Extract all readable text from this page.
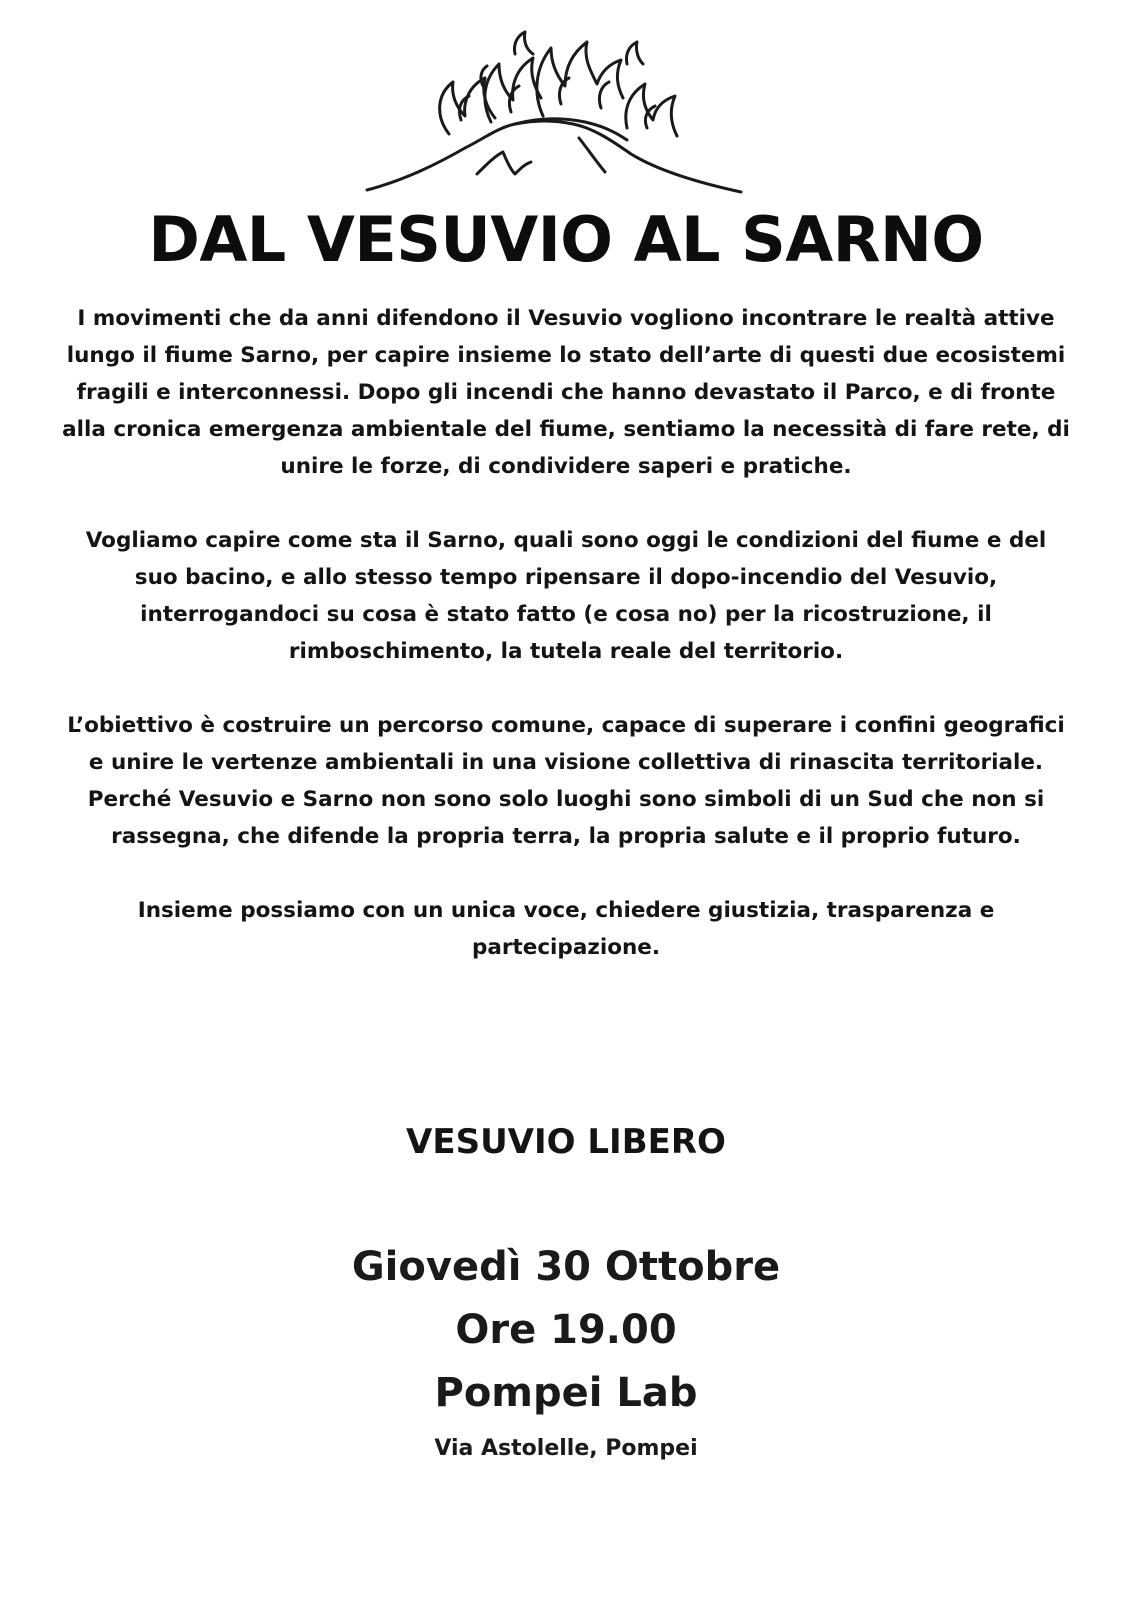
DAL VESUVIO AL SARNO

I movimenti che da anni difendono il Vesuvio vogliono incontrare le realtà attive lungo il fiume Sarno, per capire insieme lo stato dell’arte di questi due ecosistemi fragili e interconnessi. Dopo gli incendi che hanno devastato il Parco, e di fronte alla cronica emergenza ambientale del fiume, sentiamo la necessità di fare rete, di unire le forze, di condividere saperi e pratiche.

Vogliamo capire come sta il Sarno, quali sono oggi le condizioni del fiume e del suo bacino, e allo stesso tempo ripensare il dopo-incendio del Vesuvio, interrogandoci su cosa è stato fatto (e cosa no) per la ricostruzione, il rimboschimento, la tutela reale del territorio.

L’obiettivo è costruire un percorso comune, capace di superare i confini geografici e unire le vertenze ambientali in una visione collettiva di rinascita territoriale.

Perché Vesuvio e Sarno non sono solo luoghi sono simboli di un Sud che non si rassegna, che difende la propria terra, la propria salute e il proprio futuro.

Insieme possiamo con un unica voce, chiedere giustizia, trasparenza e partecipazione.

VESUVIO LIBERO
Giovedì 30 Ottobre
Ore 19.00
Pompei Lab
Via Astolelle, Pompei
